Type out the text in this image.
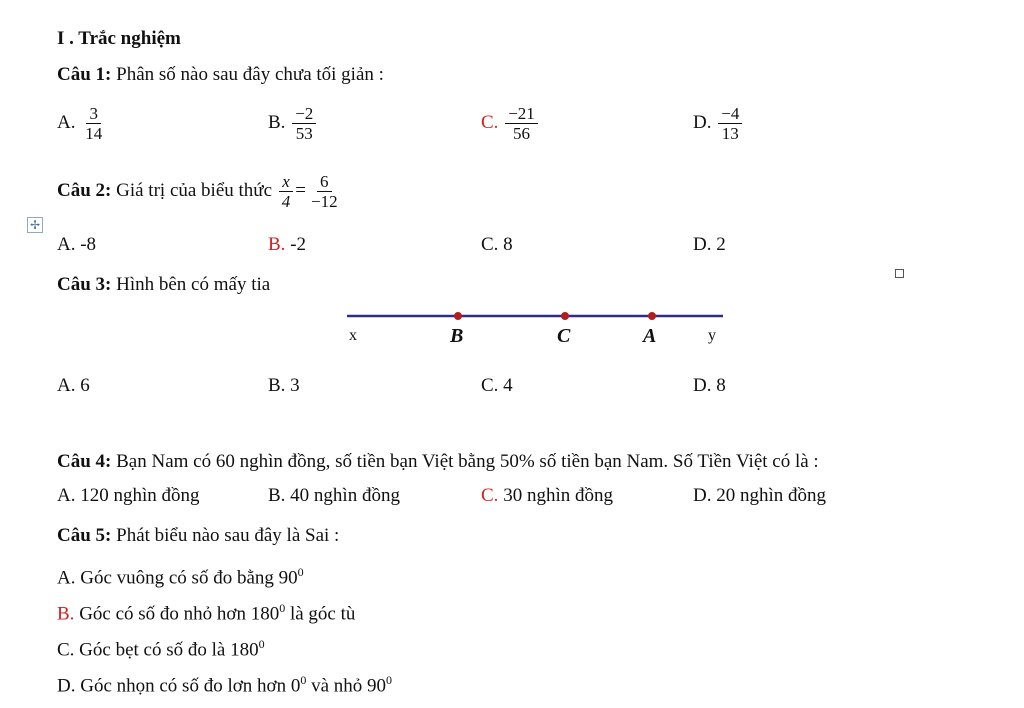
I . Trắc nghiệm
Câu 1: Phân số nào sau đây chưa tối giản :
A. $\frac{3}{14}$	B. $\frac{-2}{53}$	C. $\frac{-21}{56}$	D. $\frac{-4}{13}$
Câu 2: Giá trị của biểu thức $\frac{x}{4} = \frac{6}{-12}$
✢
A. -8	B. -2	C. 8	D. 2
Câu 3: Hình bên có mấy tia
x	B	C	A	y
A. 6	B. 3	C. 4	D. 8
Câu 4: Bạn Nam có 60 nghìn đồng, số tiền bạn Việt bằng 50% số tiền bạn Nam. Số Tiền Việt có là :
A. 120 nghìn đồng	B. 40 nghìn đồng	C. 30 nghìn đồng	D. 20 nghìn đồng
Câu 5: Phát biểu nào sau đây là Sai :
A. Góc vuông có số đo bằng $90^0$
B. Góc có số đo nhỏ hơn $180^0$ là góc tù
C. Góc bẹt có số đo là $180^0$
D. Góc nhọn có số đo lơn hơn $0^0$ và nhỏ $90^0$
